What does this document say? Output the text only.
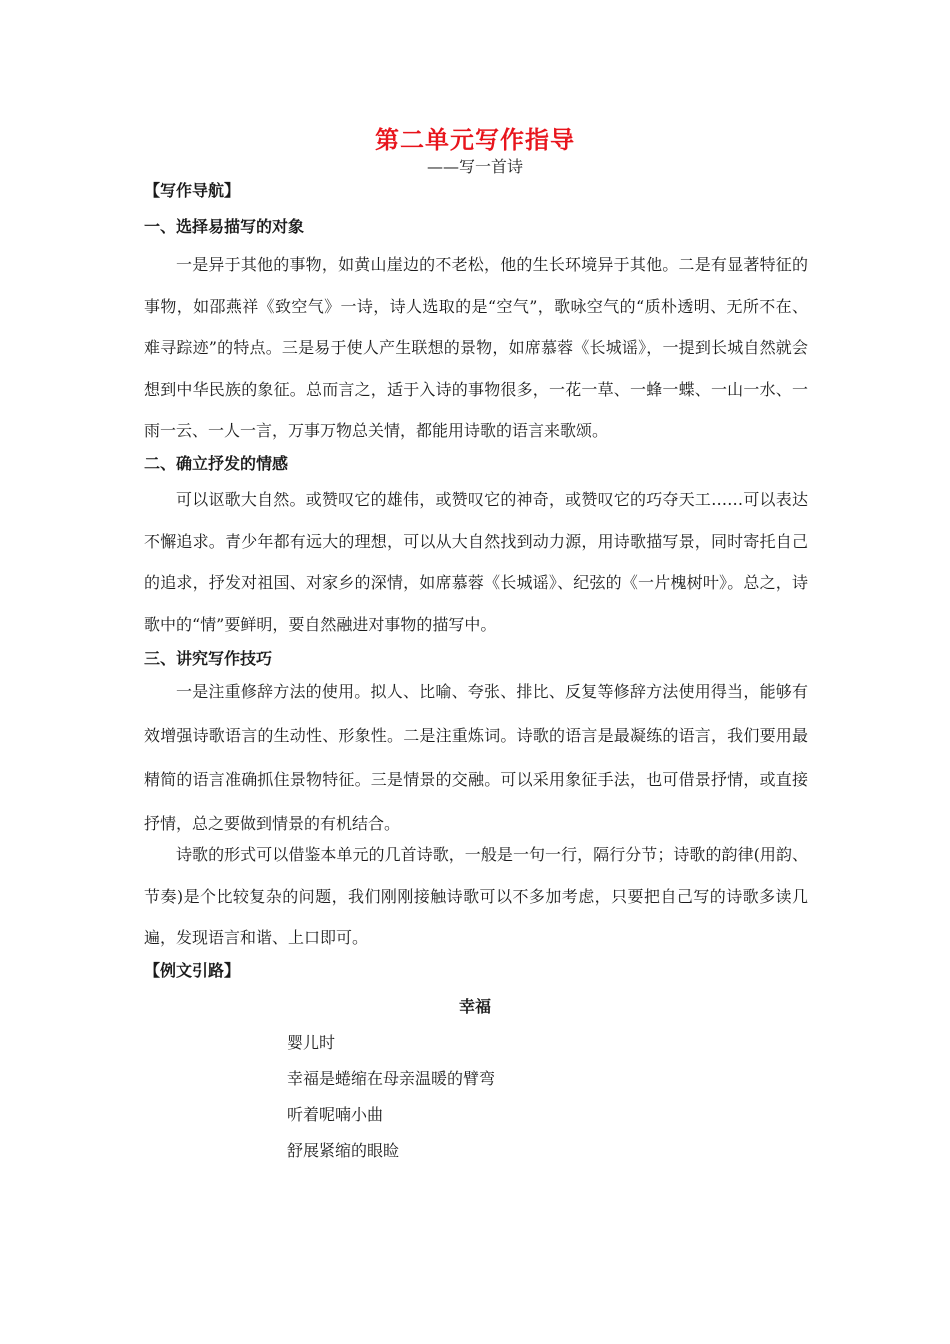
第二单元写作指导
——写一首诗
【写作导航】
一、选择易描写的对象

一是异于其他的事物，如黄山崖边的不老松，他的生长环境异于其他。二是有显著特征的事物，如邵燕祥《致空气》一诗，诗人选取的是“空气”，歌咏空气的“质朴透明、无所不在、难寻踪迹”的特点。三是易于使人产生联想的景物，如席慕蓉《长城谣》，一提到长城自然就会想到中华民族的象征。总而言之，适于入诗的事物很多，一花一草、一蜂一蝶、一山一水、一雨一云、一人一言，万事万物总关情，都能用诗歌的语言来歌颂。

二、确立抒发的情感

可以讴歌大自然。或赞叹它的雄伟，或赞叹它的神奇，或赞叹它的巧夺天工……可以表达不懈追求。青少年都有远大的理想，可以从大自然找到动力源，用诗歌描写景，同时寄托自己的追求，抒发对祖国、对家乡的深情，如席慕蓉《长城谣》、纪弦的《一片槐树叶》。总之，诗歌中的“情”要鲜明，要自然融进对事物的描写中。

三、讲究写作技巧

一是注重修辞方法的使用。拟人、比喻、夸张、排比、反复等修辞方法使用得当，能够有效增强诗歌语言的生动性、形象性。二是注重炼词。诗歌的语言是最凝练的语言，我们要用最精简的语言准确抓住景物特征。三是情景的交融。可以采用象征手法，也可借景抒情，或直接抒情，总之要做到情景的有机结合。

诗歌的形式可以借鉴本单元的几首诗歌，一般是一句一行，隔行分节；诗歌的韵律(用韵、节奏)是个比较复杂的问题，我们刚刚接触诗歌可以不多加考虑，只要把自己写的诗歌多读几遍，发现语言和谐、上口即可。

【例文引路】
幸福
婴儿时
幸福是蜷缩在母亲温暖的臂弯
听着呢喃小曲
舒展紧缩的眼睑
